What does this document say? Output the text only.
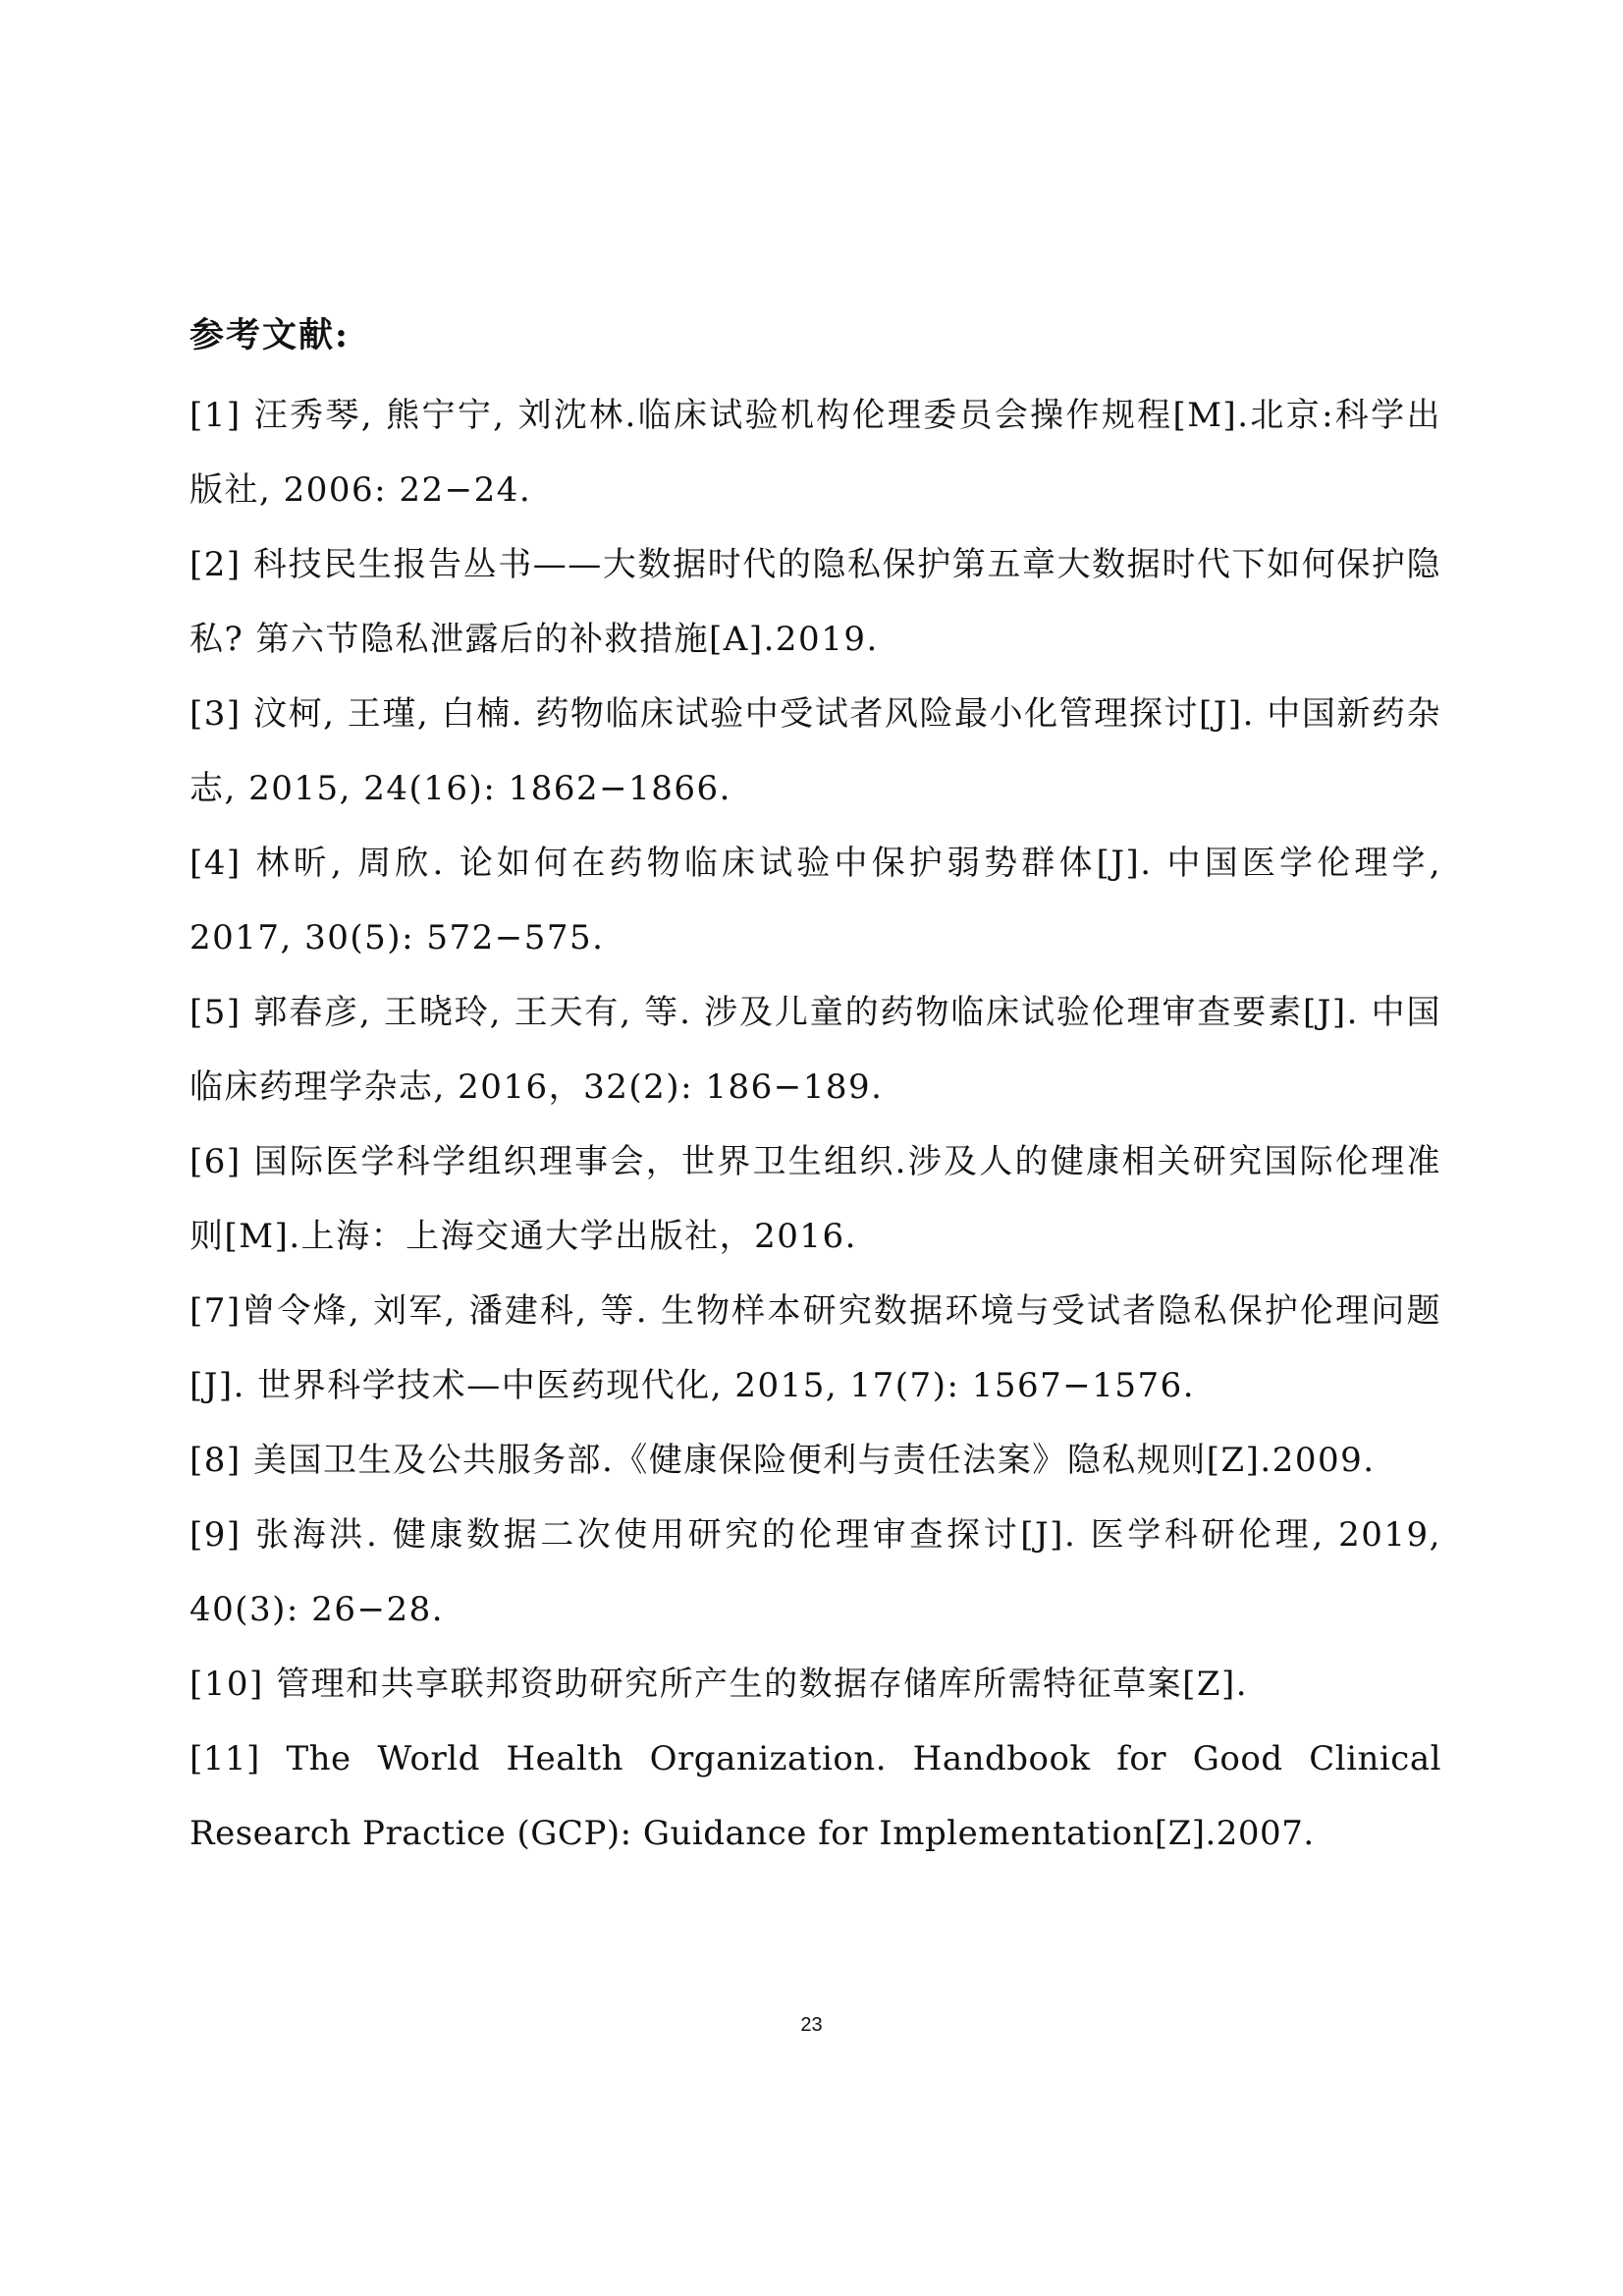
参考文献:

[1] 汪秀琴, 熊宁宁, 刘沈林.临床试验机构伦理委员会操作规程[M].北京:科学出版社, 2006: 22−24.

[2] 科技民生报告丛书——大数据时代的隐私保护第五章大数据时代下如何保护隐私? 第六节隐私泄露后的补救措施[A].2019.

[3] 汶柯, 王瑾, 白楠. 药物临床试验中受试者风险最小化管理探讨[J]. 中国新药杂志, 2015, 24(16): 1862−1866.

[4] 林昕, 周欣. 论如何在药物临床试验中保护弱势群体[J]. 中国医学伦理学, 2017, 30(5): 572−575.

[5] 郭春彦, 王晓玲, 王天有, 等. 涉及儿童的药物临床试验伦理审查要素[J]. 中国临床药理学杂志, 2016，32(2): 186−189.

[6] 国际医学科学组织理事会，世界卫生组织.涉及人的健康相关研究国际伦理准则[M].上海：上海交通大学出版社，2016.

[7]曾令烽, 刘军, 潘建科, 等. 生物样本研究数据环境与受试者隐私保护伦理问题[J]. 世界科学技术—中医药现代化, 2015, 17(7): 1567−1576.

[8] 美国卫生及公共服务部.《健康保险便利与责任法案》隐私规则[Z].2009.

[9] 张海洪. 健康数据二次使用研究的伦理审查探讨[J]. 医学科研伦理, 2019, 40(3): 26−28.

[10] 管理和共享联邦资助研究所产生的数据存储库所需特征草案[Z].

[11] The World Health Organization. Handbook for Good Clinical Research Practice (GCP): Guidance for Implementation[Z].2007.

23
